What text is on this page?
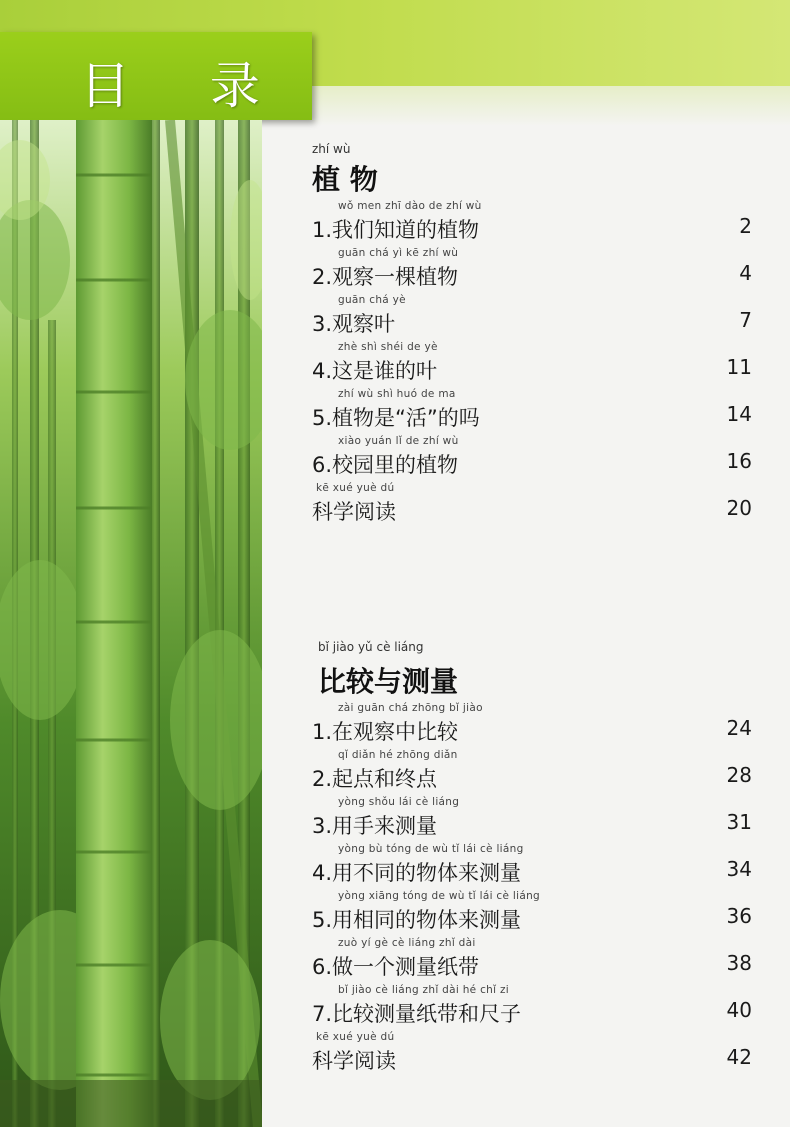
目 录
zhí wù
植 物
wǒ men zhī dào de zhí wù
1.我们知道的植物	2
guān chá yì kē zhí wù
2.观察一棵植物	4
guān chá yè
3.观察叶	7
zhè shì shéi de yè
4.这是谁的叶	11
zhí wù shì huó de ma
5.植物是“活”的吗	14
xiào yuán lǐ de zhí wù
6.校园里的植物	16
kē xué yuè dú
科学阅读	20
bǐ jiào yǔ cè liáng
比较与测量
zài guān chá zhōng bǐ jiào
1.在观察中比较	24
qǐ diǎn hé zhōng diǎn
2.起点和终点	28
yòng shǒu lái cè liáng
3.用手来测量	31
yòng bù tóng de wù tǐ lái cè liáng
4.用不同的物体来测量	34
yòng xiāng tóng de wù tǐ lái cè liáng
5.用相同的物体来测量	36
zuò yí gè cè liáng zhǐ dài
6.做一个测量纸带	38
bǐ jiào cè liáng zhǐ dài hé chǐ zi
7.比较测量纸带和尺子	40
kē xué yuè dú
科学阅读	42
